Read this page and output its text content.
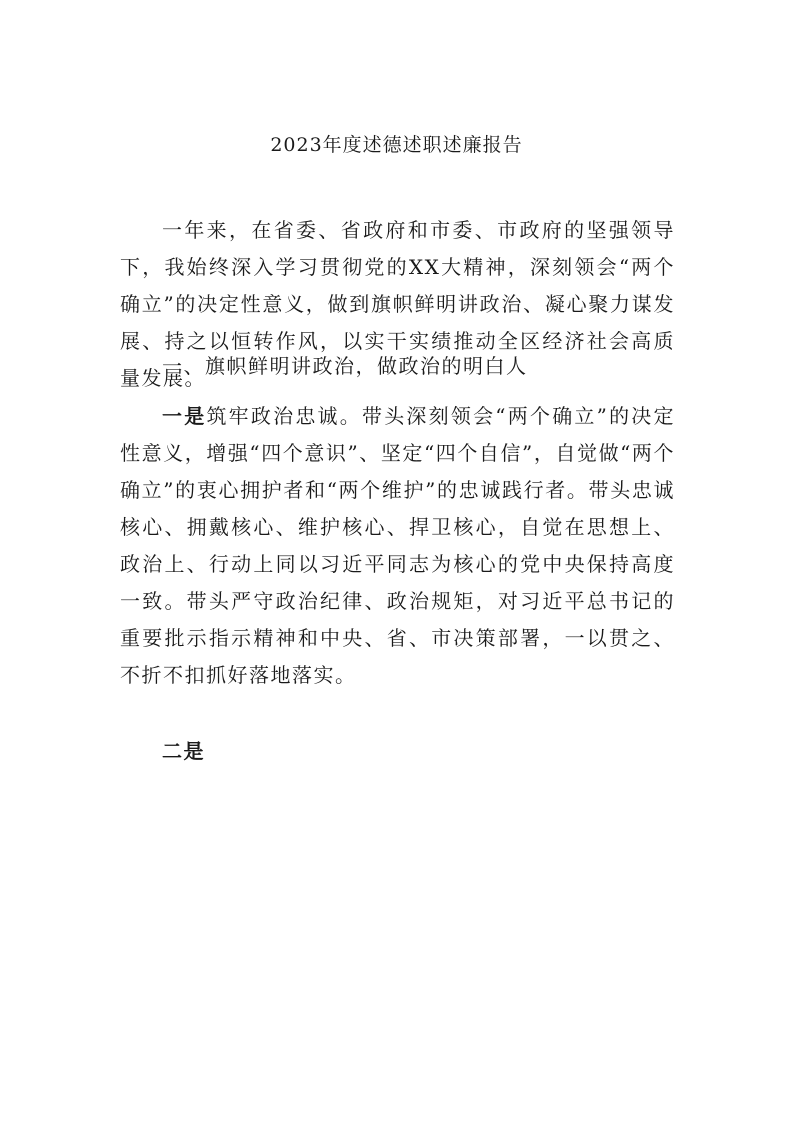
2023年度述德述职述廉报告

一年来，在省委、省政府和市委、市政府的坚强领导下，我始终深入学习贯彻党的XX大精神，深刻领会“两个确立”的决定性意义，做到旗帜鲜明讲政治、凝心聚力谋发展、持之以恒转作风，以实干实绩推动全区经济社会高质量发展。

一、旗帜鲜明讲政治，做政治的明白人

一是筑牢政治忠诚。带头深刻领会“两个确立”的决定性意义，增强“四个意识”、坚定“四个自信”，自觉做“两个确立”的衷心拥护者和“两个维护”的忠诚践行者。带头忠诚核心、拥戴核心、维护核心、捍卫核心，自觉在思想上、政治上、行动上同以习近平同志为核心的党中央保持高度一致。带头严守政治纪律、政治规矩，对习近平总书记的重要批示指示精神和中央、省、市决策部署，一以贯之、不折不扣抓好落地落实。

二是
